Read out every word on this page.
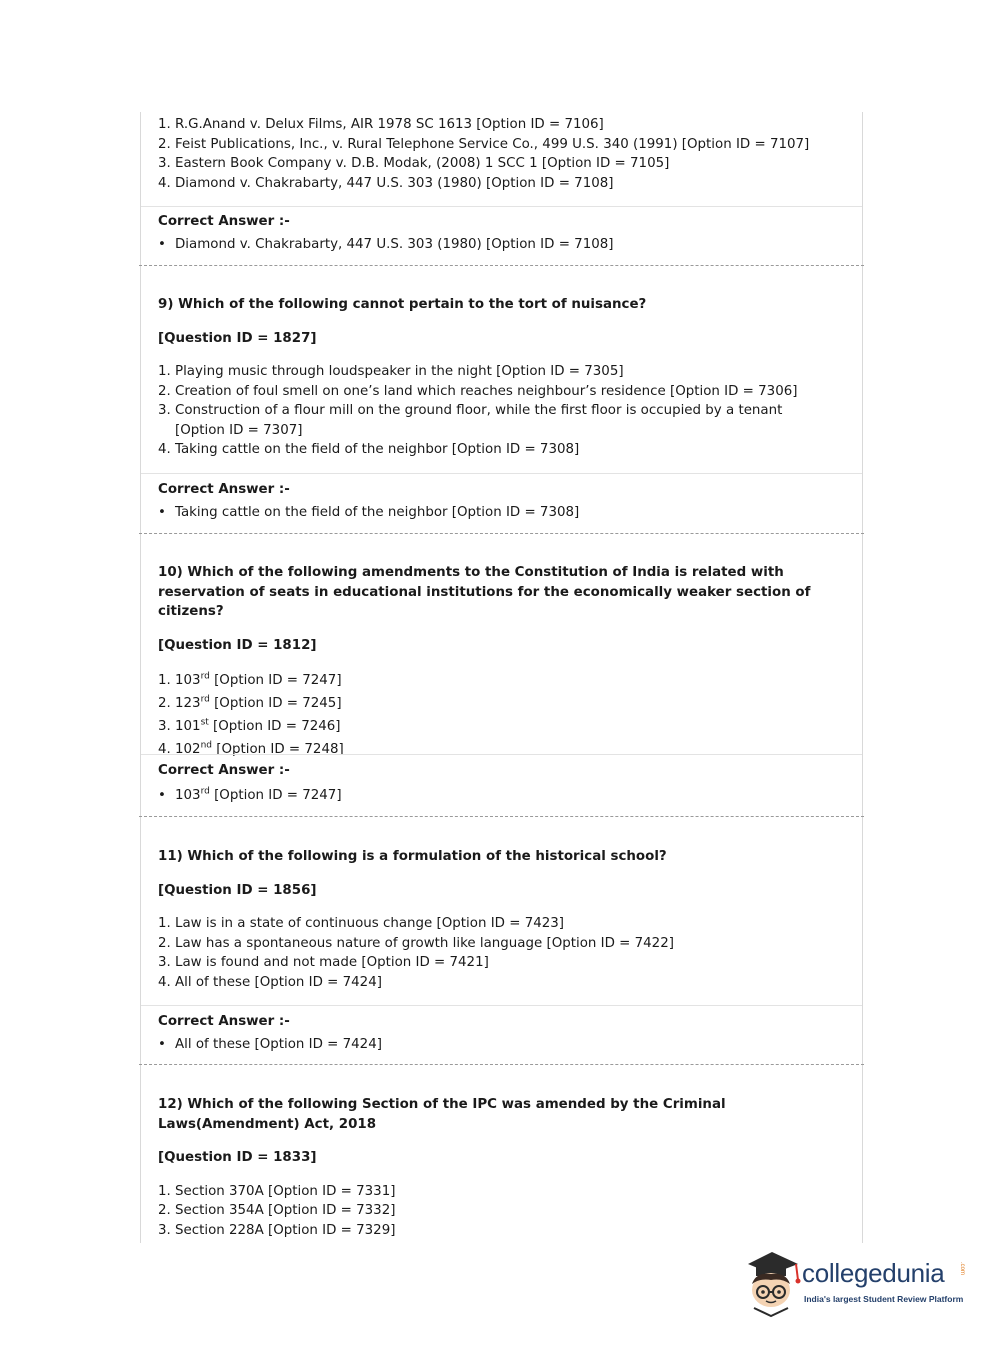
1. R.G.Anand v. Delux Films, AIR 1978 SC 1613 [Option ID = 7106]
2. Feist Publications, Inc., v. Rural Telephone Service Co., 499 U.S. 340 (1991) [Option ID = 7107]
3. Eastern Book Company v. D.B. Modak, (2008) 1 SCC 1 [Option ID = 7105]
4. Diamond v. Chakrabarty, 447 U.S. 303 (1980) [Option ID = 7108]
Correct Answer :-
• Diamond v. Chakrabarty, 447 U.S. 303 (1980) [Option ID = 7108]
9) Which of the following cannot pertain to the tort of nuisance?
[Question ID = 1827]
1. Playing music through loudspeaker in the night [Option ID = 7305]
2. Creation of foul smell on one’s land which reaches neighbour’s residence [Option ID = 7306]
3. Construction of a flour mill on the ground floor, while the first floor is occupied by a tenant [Option ID = 7307]
4. Taking cattle on the field of the neighbor [Option ID = 7308]
Correct Answer :-
• Taking cattle on the field of the neighbor [Option ID = 7308]
10) Which of the following amendments to the Constitution of India is related with reservation of seats in educational institutions for the economically weaker section of citizens?
[Question ID = 1812]
1. 103rd [Option ID = 7247]
2. 123rd [Option ID = 7245]
3. 101st [Option ID = 7246]
4. 102nd [Option ID = 7248]
Correct Answer :-
• 103rd [Option ID = 7247]
11) Which of the following is a formulation of the historical school?
[Question ID = 1856]
1. Law is in a state of continuous change [Option ID = 7423]
2. Law has a spontaneous nature of growth like language [Option ID = 7422]
3. Law is found and not made [Option ID = 7421]
4. All of these [Option ID = 7424]
Correct Answer :-
• All of these [Option ID = 7424]
12) Which of the following Section of the IPC was amended by the Criminal Laws(Amendment) Act, 2018
[Question ID = 1833]
1. Section 370A [Option ID = 7331]
2. Section 354A [Option ID = 7332]
3. Section 228A [Option ID = 7329]
collegedunia .com
India's largest Student Review Platform
